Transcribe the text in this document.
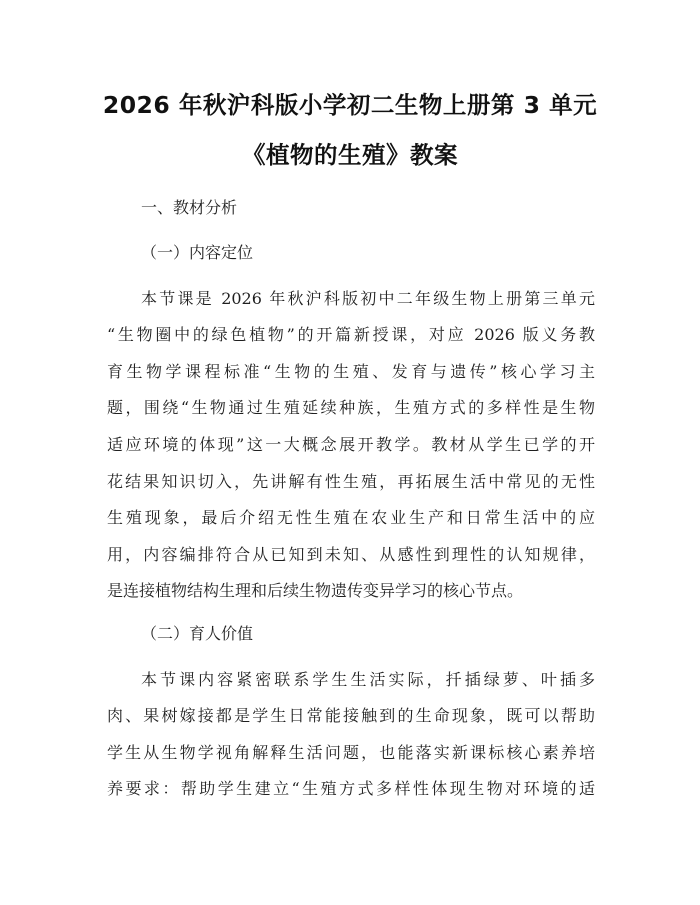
2026 年秋沪科版小学初二生物上册第 3 单元
《植物的生殖》教案
一、教材分析
（一）内容定位
本节课是 2026 年秋沪科版初中二年级生物上册第三单元
“生物圈中的绿色植物”的开篇新授课，对应 2026 版义务教
育生物学课程标准“生物的生殖、发育与遗传”核心学习主
题，围绕“生物通过生殖延续种族，生殖方式的多样性是生物
适应环境的体现”这一大概念展开教学。教材从学生已学的开
花结果知识切入，先讲解有性生殖，再拓展生活中常见的无性
生殖现象，最后介绍无性生殖在农业生产和日常生活中的应
用，内容编排符合从已知到未知、从感性到理性的认知规律，
是连接植物结构生理和后续生物遗传变异学习的核心节点。
（二）育人价值
本节课内容紧密联系学生生活实际，扦插绿萝、叶插多
肉、果树嫁接都是学生日常能接触到的生命现象，既可以帮助
学生从生物学视角解释生活问题，也能落实新课标核心素养培
养要求：帮助学生建立“生殖方式多样性体现生物对环境的适
